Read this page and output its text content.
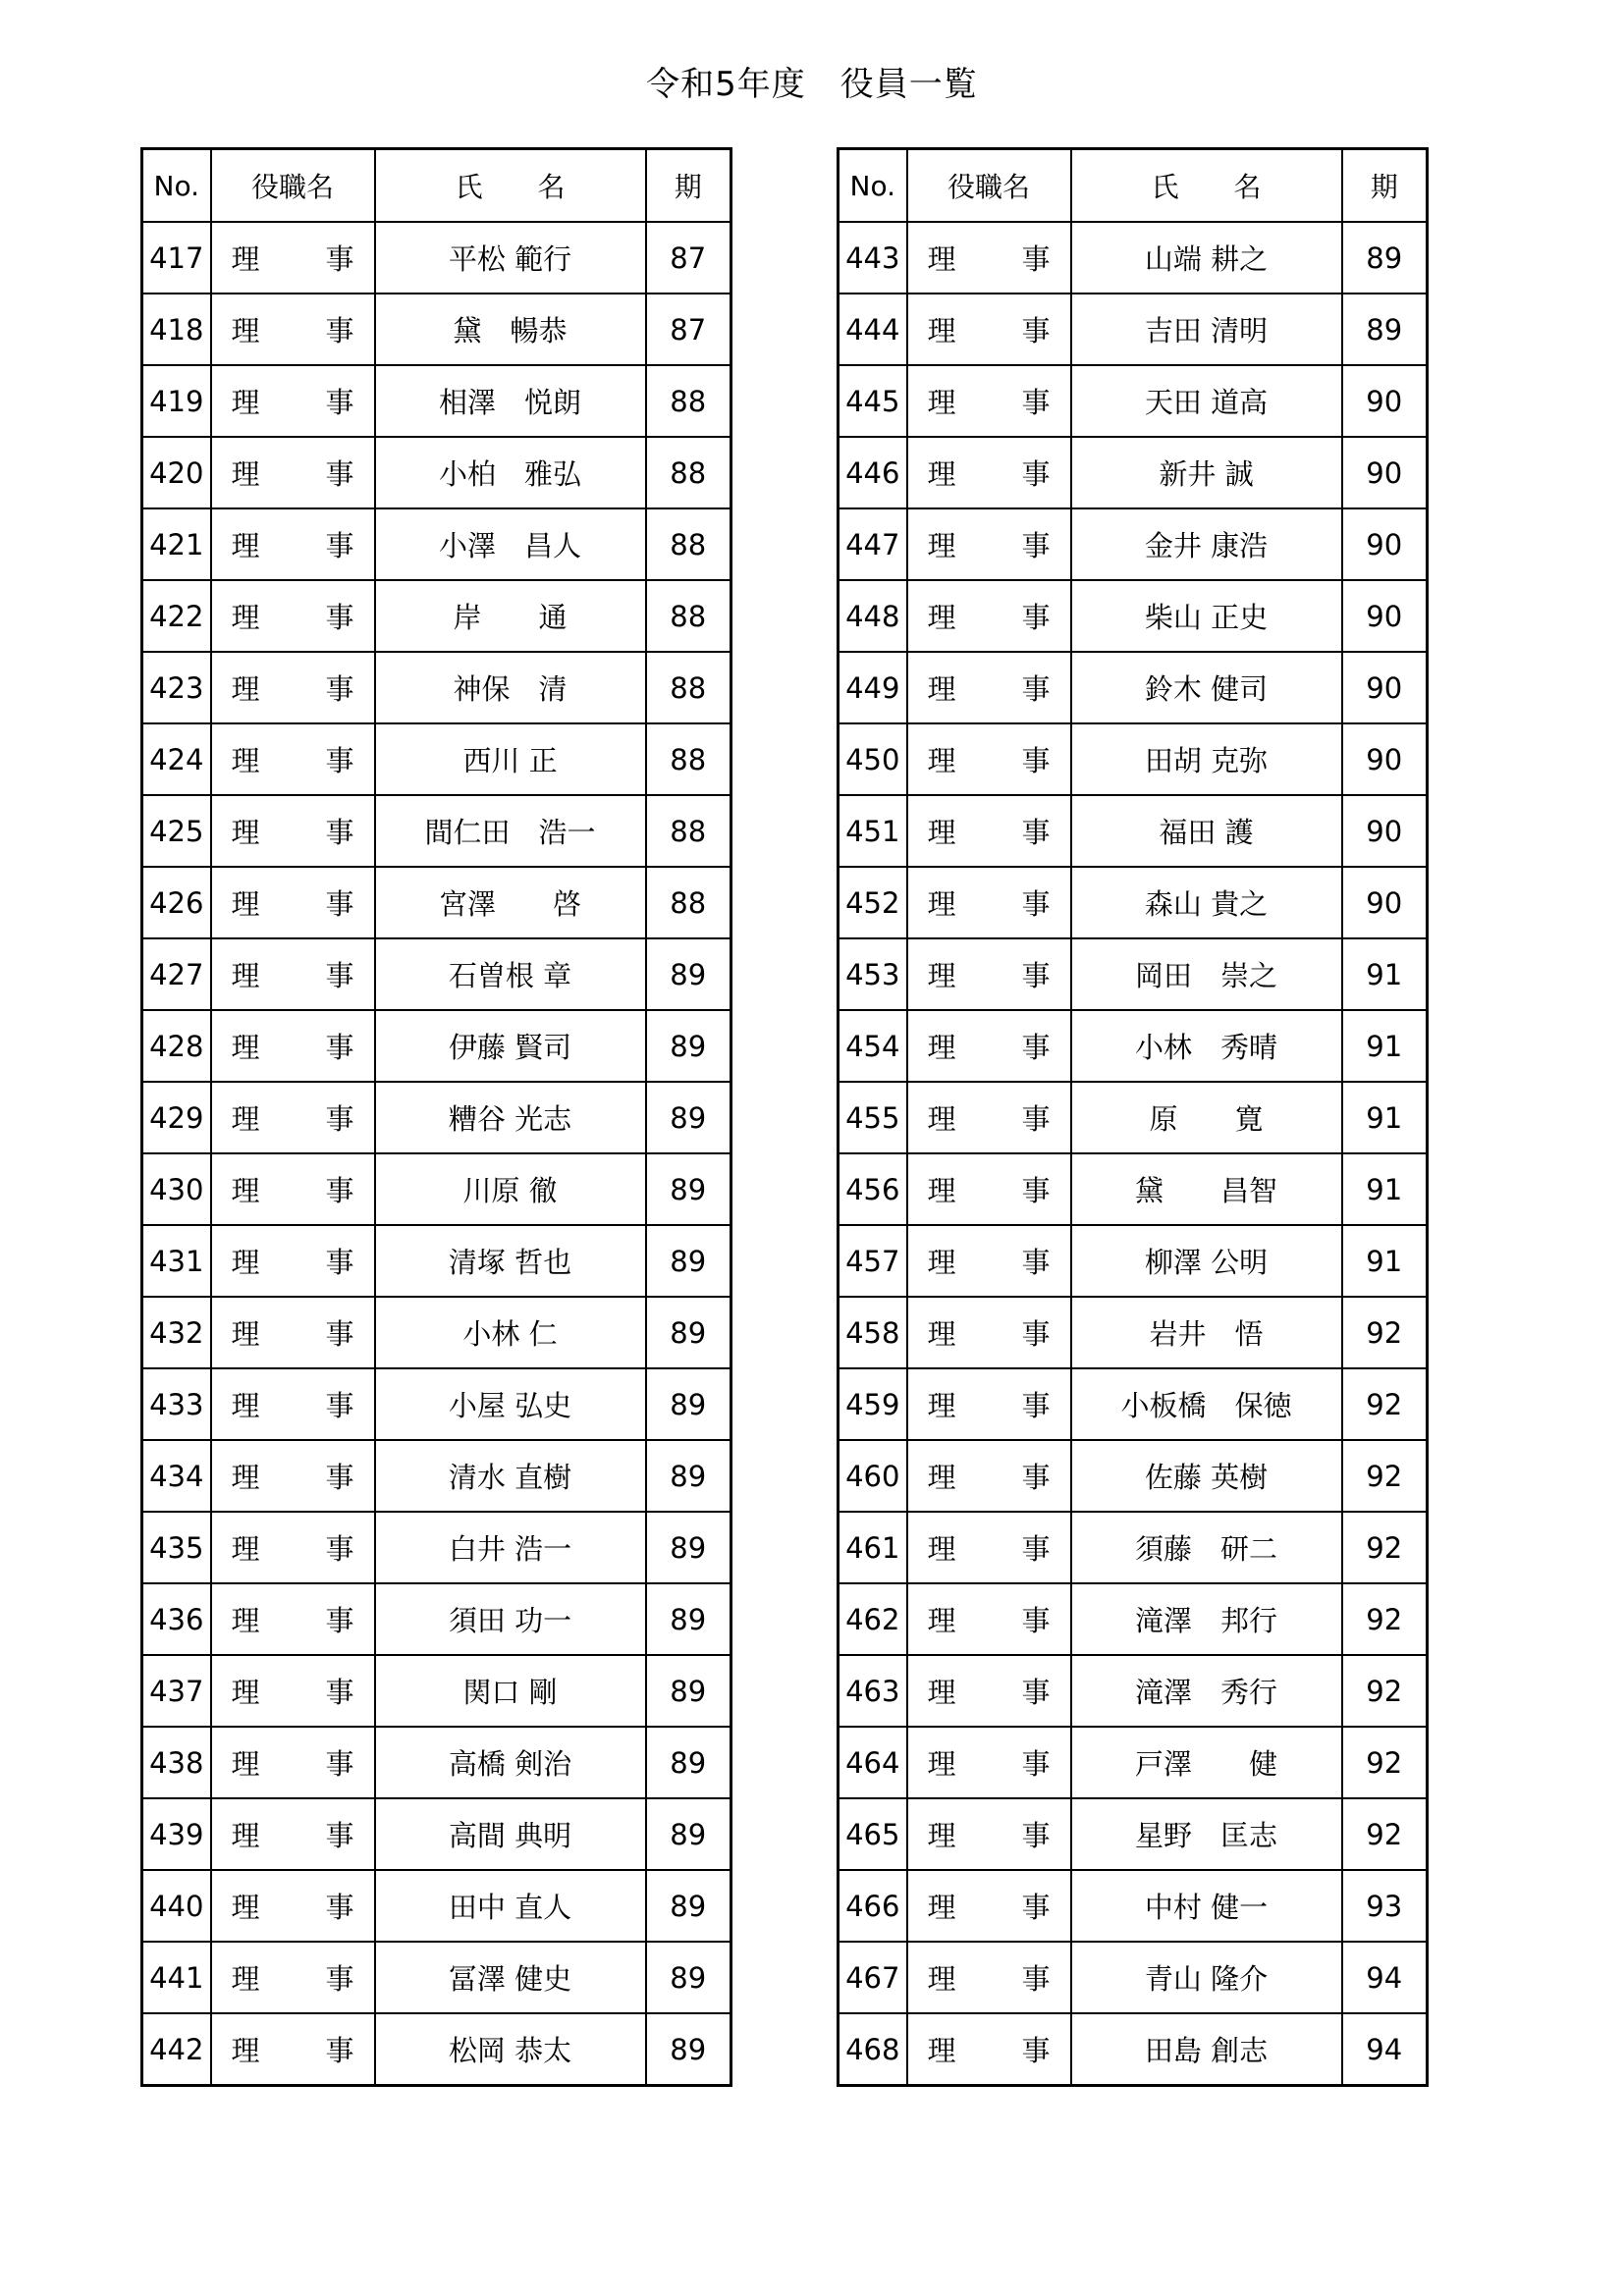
令和5年度　役員一覧
No.	役職名	氏　　名	期
417	理 事	平松 範行	87
418	理 事	黛　暢恭	87
419	理 事	相澤　悦朗	88
420	理 事	小柏　雅弘	88
421	理 事	小澤　昌人	88
422	理 事	岸　　通	88
423	理 事	神保　清	88
424	理 事	西川 正	88
425	理 事	間仁田　浩一	88
426	理 事	宮澤　　啓	88
427	理 事	石曽根 章	89
428	理 事	伊藤 賢司	89
429	理 事	糟谷 光志	89
430	理 事	川原 徹	89
431	理 事	清塚 哲也	89
432	理 事	小林 仁	89
433	理 事	小屋 弘史	89
434	理 事	清水 直樹	89
435	理 事	白井 浩一	89
436	理 事	須田 功一	89
437	理 事	関口 剛	89
438	理 事	高橋 剣治	89
439	理 事	高間 典明	89
440	理 事	田中 直人	89
441	理 事	冨澤 健史	89
442	理 事	松岡 恭太	89
No.	役職名	氏　　名	期
443	理 事	山端 耕之	89
444	理 事	吉田 清明	89
445	理 事	天田 道高	90
446	理 事	新井 誠	90
447	理 事	金井 康浩	90
448	理 事	柴山 正史	90
449	理 事	鈴木 健司	90
450	理 事	田胡 克弥	90
451	理 事	福田 護	90
452	理 事	森山 貴之	90
453	理 事	岡田　崇之	91
454	理 事	小林　秀晴	91
455	理 事	原　　寛	91
456	理 事	黛　　昌智	91
457	理 事	柳澤 公明	91
458	理 事	岩井　悟	92
459	理 事	小板橋　保徳	92
460	理 事	佐藤 英樹	92
461	理 事	須藤　研二	92
462	理 事	滝澤　邦行	92
463	理 事	滝澤　秀行	92
464	理 事	戸澤　　健	92
465	理 事	星野　匡志	92
466	理 事	中村 健一	93
467	理 事	青山 隆介	94
468	理 事	田島 創志	94
